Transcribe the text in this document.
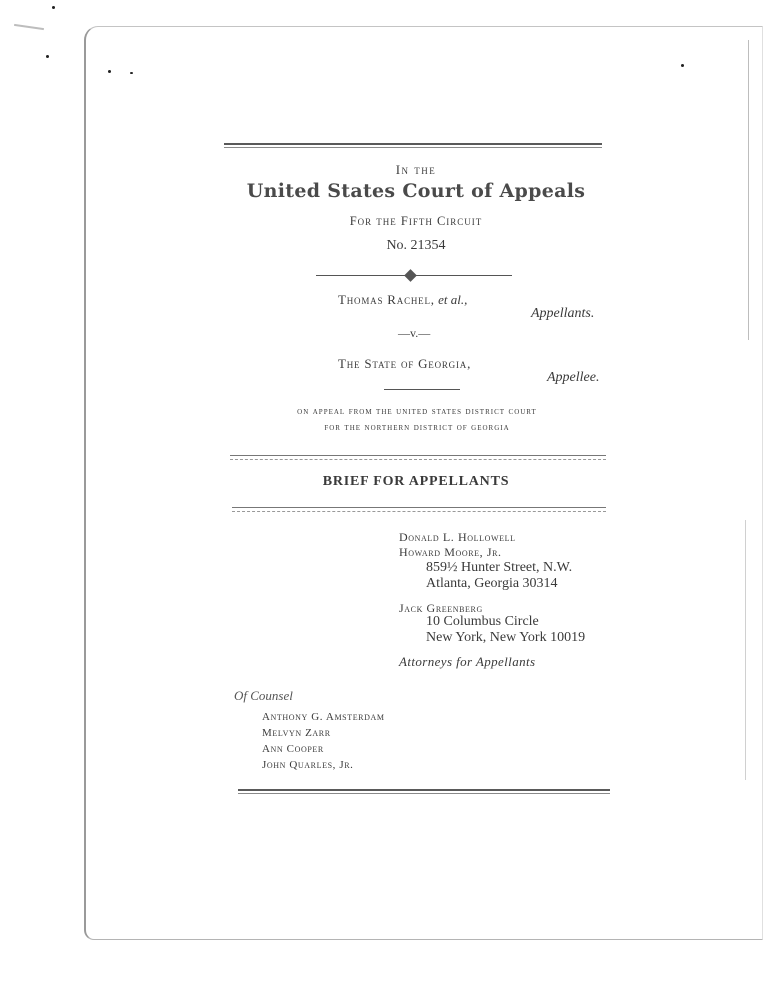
In the
United States Court of Appeals
For the Fifth Circuit
No. 21354
Thomas Rachel, et al.,
Appellants.
—v.—
The State of Georgia,
Appellee.
on appeal from the united states district court
for the northern district of georgia
BRIEF FOR APPELLANTS
Donald L. Hollowell
Howard Moore, Jr.
859½ Hunter Street, N.W.
Atlanta, Georgia 30314
Jack Greenberg
10 Columbus Circle
New York, New York 10019
Attorneys for Appellants
Of Counsel
Anthony G. Amsterdam
Melvyn Zarr
Ann Cooper
John Quarles, Jr.
